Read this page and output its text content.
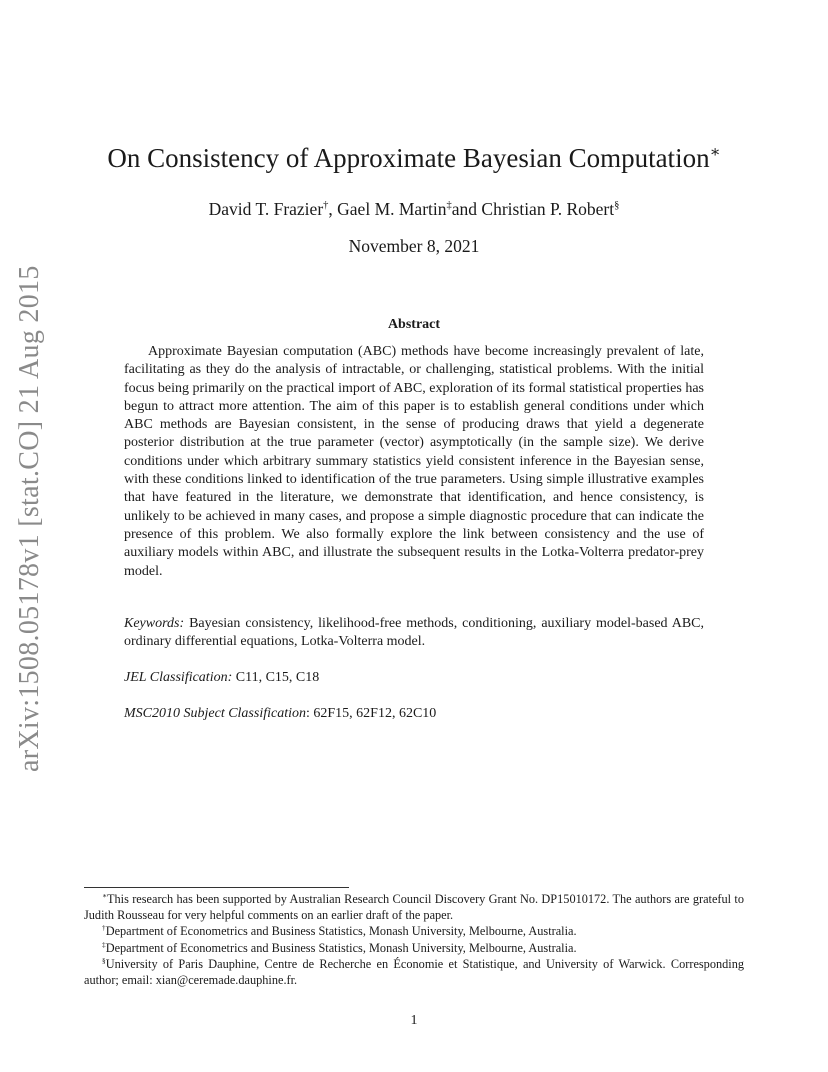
arXiv:1508.05178v1 [stat.CO] 21 Aug 2015
On Consistency of Approximate Bayesian Computation∗
David T. Frazier†, Gael M. Martin‡and Christian P. Robert§
November 8, 2021
Abstract

Approximate Bayesian computation (ABC) methods have become increasingly prevalent of late, facilitating as they do the analysis of intractable, or challenging, statistical problems. With the initial focus being primarily on the practical import of ABC, exploration of its formal statistical properties has begun to attract more attention. The aim of this paper is to establish general conditions under which ABC methods are Bayesian consistent, in the sense of producing draws that yield a degenerate posterior distribution at the true parameter (vector) asymptotically (in the sample size). We derive conditions under which arbitrary summary statistics yield consistent inference in the Bayesian sense, with these conditions linked to identification of the true parameters. Using simple illustrative examples that have featured in the literature, we demonstrate that identification, and hence consistency, is unlikely to be achieved in many cases, and propose a simple diagnostic procedure that can indicate the presence of this problem. We also formally explore the link between consistency and the use of auxiliary models within ABC, and illustrate the subsequent results in the Lotka-Volterra predator-prey model.

Keywords: Bayesian consistency, likelihood-free methods, conditioning, auxiliary model-based ABC, ordinary differential equations, Lotka-Volterra model.

JEL Classification: C11, C15, C18

MSC2010 Subject Classification: 62F15, 62F12, 62C10

∗This research has been supported by Australian Research Council Discovery Grant No. DP15010172. The authors are grateful to Judith Rousseau for very helpful comments on an earlier draft of the paper.

†Department of Econometrics and Business Statistics, Monash University, Melbourne, Australia.

‡Department of Econometrics and Business Statistics, Monash University, Melbourne, Australia.

§University of Paris Dauphine, Centre de Recherche en Économie et Statistique, and University of Warwick. Corresponding author; email: xian@ceremade.dauphine.fr.

1
